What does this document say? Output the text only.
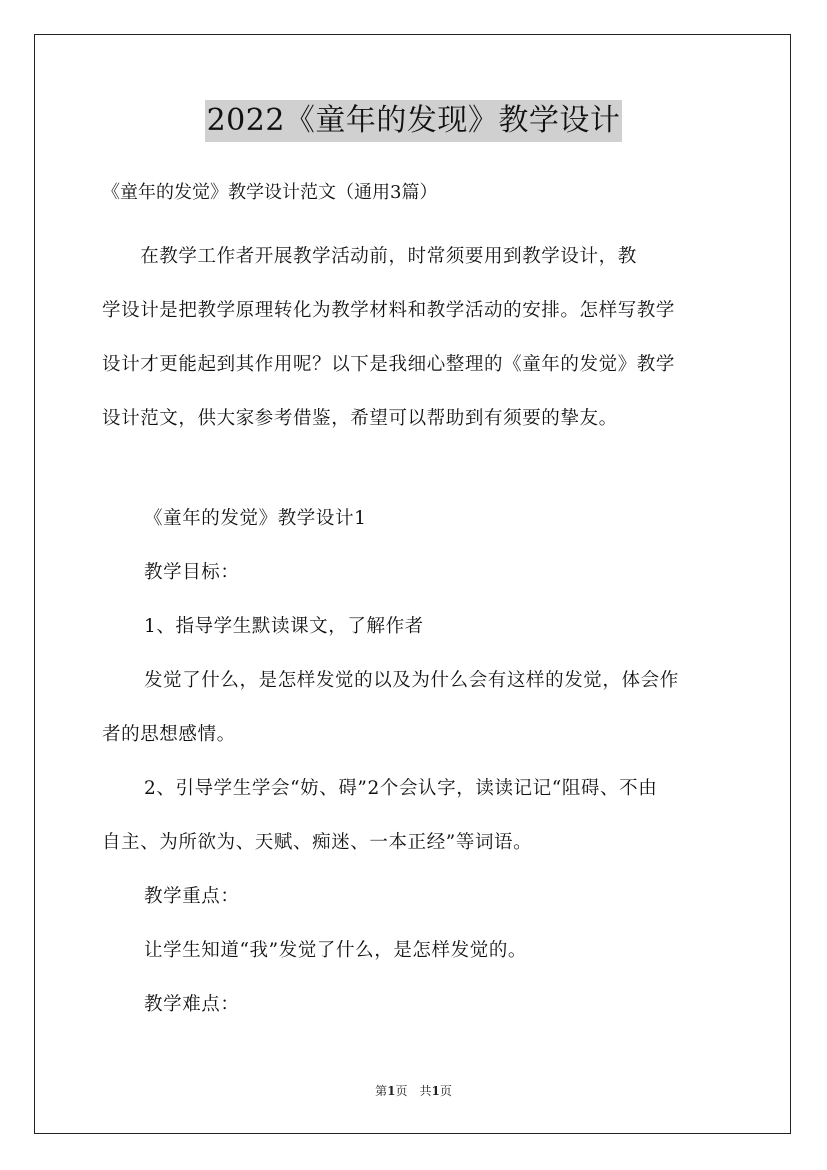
2022《童年的发现》教学设计
《童年的发觉》教学设计范文（通用3篇）
　　在教学工作者开展教学活动前，时常须要用到教学设计，教
学设计是把教学原理转化为教学材料和教学活动的安排。怎样写教学
设计才更能起到其作用呢？以下是我细心整理的《童年的发觉》教学
设计范文，供大家参考借鉴，希望可以帮助到有须要的挚友。
《童年的发觉》教学设计1
教学目标：
1、指导学生默读课文，了解作者
发觉了什么，是怎样发觉的以及为什么会有这样的发觉，体会作
者的思想感情。
2、引导学生学会“妨、碍”2个会认字，读读记记“阻碍、不由
自主、为所欲为、天赋、痴迷、一本正经”等词语。
教学重点：
让学生知道“我”发觉了什么，是怎样发觉的。
教学难点：
第1页　共1页
